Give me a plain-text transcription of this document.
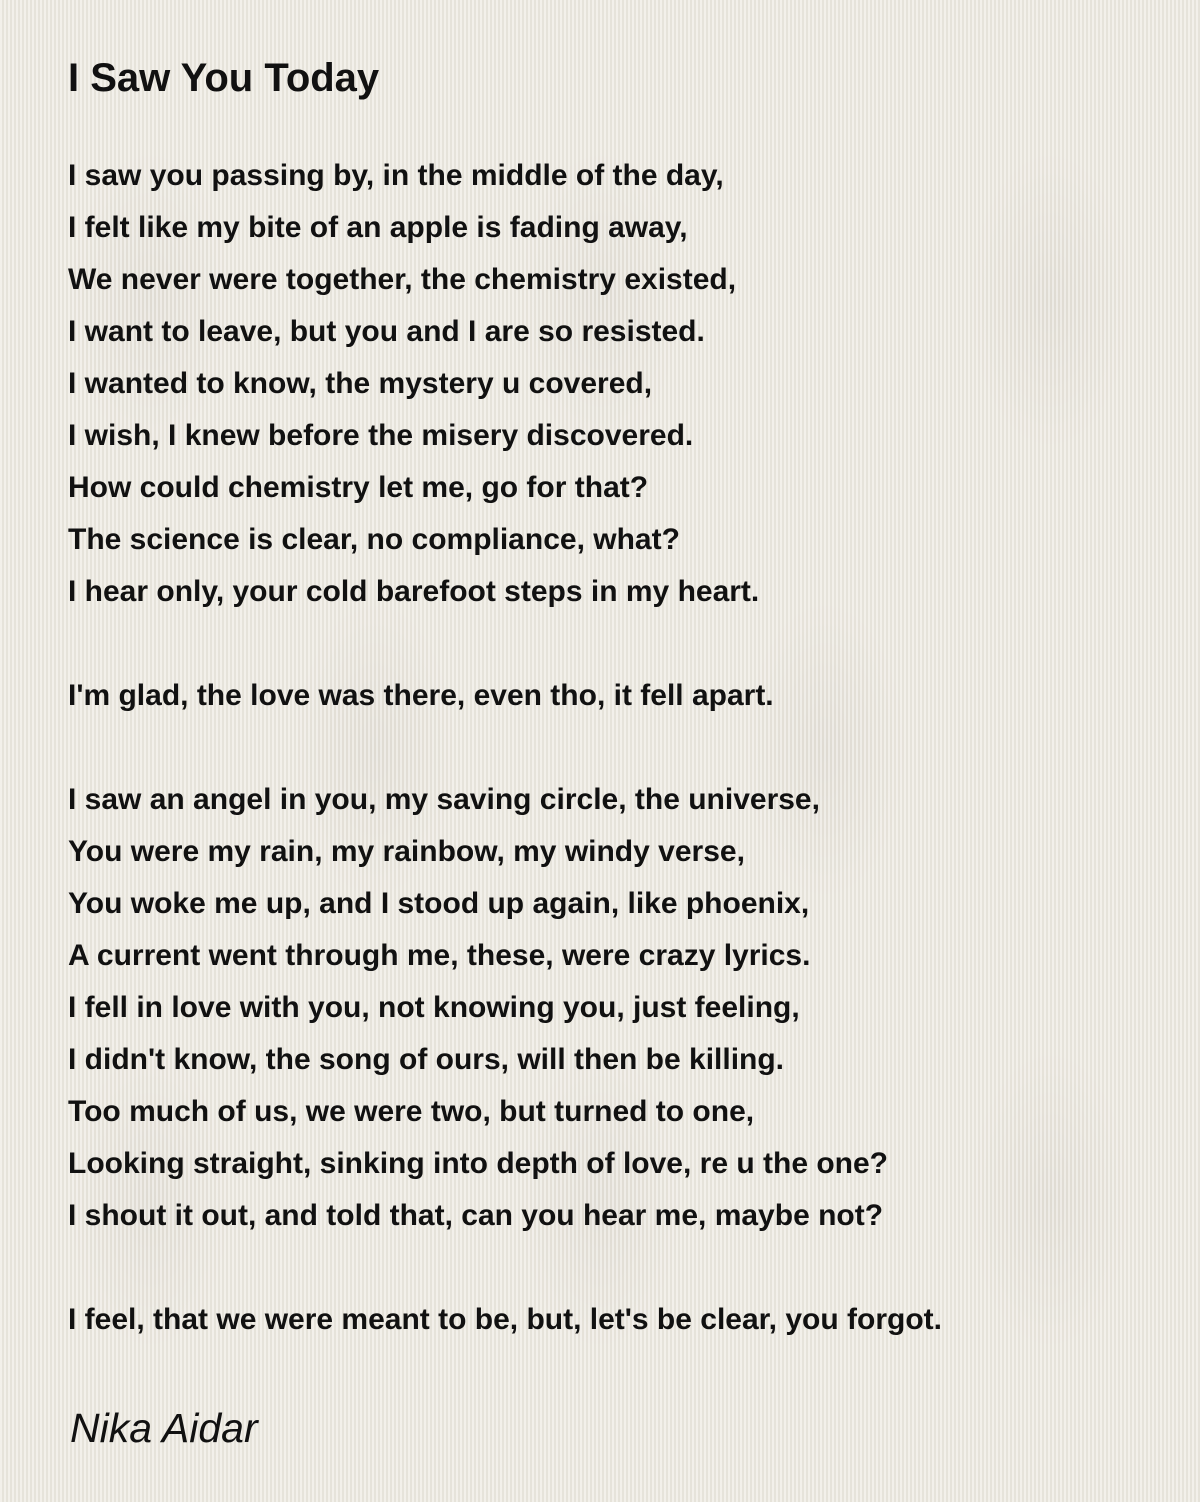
I Saw You Today
I saw you passing by, in the middle of the day,
I felt like my bite of an apple is fading away,
We never were together, the chemistry existed,
I want to leave, but you and I are so resisted.
I wanted to know, the mystery u covered,
I wish, I knew before the misery discovered.
How could chemistry let me, go for that?
The science is clear, no compliance, what?
I hear only, your cold barefoot steps in my heart.
I'm glad, the love was there, even tho, it fell apart.
I saw an angel in you, my saving circle, the universe,
You were my rain, my rainbow, my windy verse,
You woke me up, and I stood up again, like phoenix,
A current went through me, these, were crazy lyrics.
I fell in love with you, not knowing you, just feeling,
I didn't know, the song of ours, will then be killing.
Too much of us, we were two, but turned to one,
Looking straight, sinking into depth of love, re u the one?
I shout it out, and told that, can you hear me, maybe not?
I feel, that we were meant to be, but, let's be clear, you forgot.
Nika Aidar
